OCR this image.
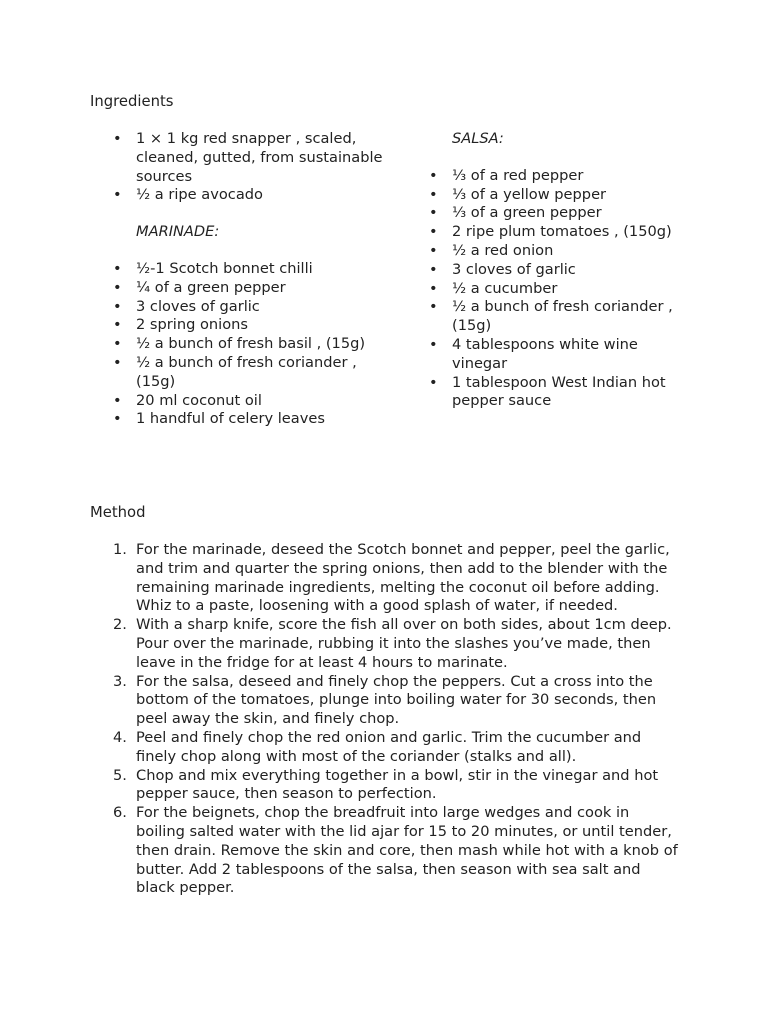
Ingredients
• 1 × 1 kg red snapper , scaled, cleaned, gutted, from sustainable sources
• ½ a ripe avocado

MARINADE:

• ½-1 Scotch bonnet chilli
• ¼ of a green pepper
• 3 cloves of garlic
• 2 spring onions
• ½ a bunch of fresh basil , (15g)
• ½ a bunch of fresh coriander , (15g)
• 20 ml coconut oil
• 1 handful of celery leaves

SALSA:

• ⅓ of a red pepper
• ⅓ of a yellow pepper
• ⅓ of a green pepper
• 2 ripe plum tomatoes , (150g)
• ½ a red onion
• 3 cloves of garlic
• ½ a cucumber
• ½ a bunch of fresh coriander , (15g)
• 4 tablespoons white wine vinegar
• 1 tablespoon West Indian hot pepper sauce
Method
1. For the marinade, deseed the Scotch bonnet and pepper, peel the garlic, and trim and quarter the spring onions, then add to the blender with the remaining marinade ingredients, melting the coconut oil before adding. Whiz to a paste, loosening with a good splash of water, if needed.
2. With a sharp knife, score the fish all over on both sides, about 1cm deep. Pour over the marinade, rubbing it into the slashes you’ve made, then leave in the fridge for at least 4 hours to marinate.
3. For the salsa, deseed and finely chop the peppers. Cut a cross into the bottom of the tomatoes, plunge into boiling water for 30 seconds, then peel away the skin, and finely chop.
4. Peel and finely chop the red onion and garlic. Trim the cucumber and finely chop along with most of the coriander (stalks and all).
5. Chop and mix everything together in a bowl, stir in the vinegar and hot pepper sauce, then season to perfection.
6. For the beignets, chop the breadfruit into large wedges and cook in boiling salted water with the lid ajar for 15 to 20 minutes, or until tender, then drain. Remove the skin and core, then mash while hot with a knob of butter. Add 2 tablespoons of the salsa, then season with sea salt and black pepper.
